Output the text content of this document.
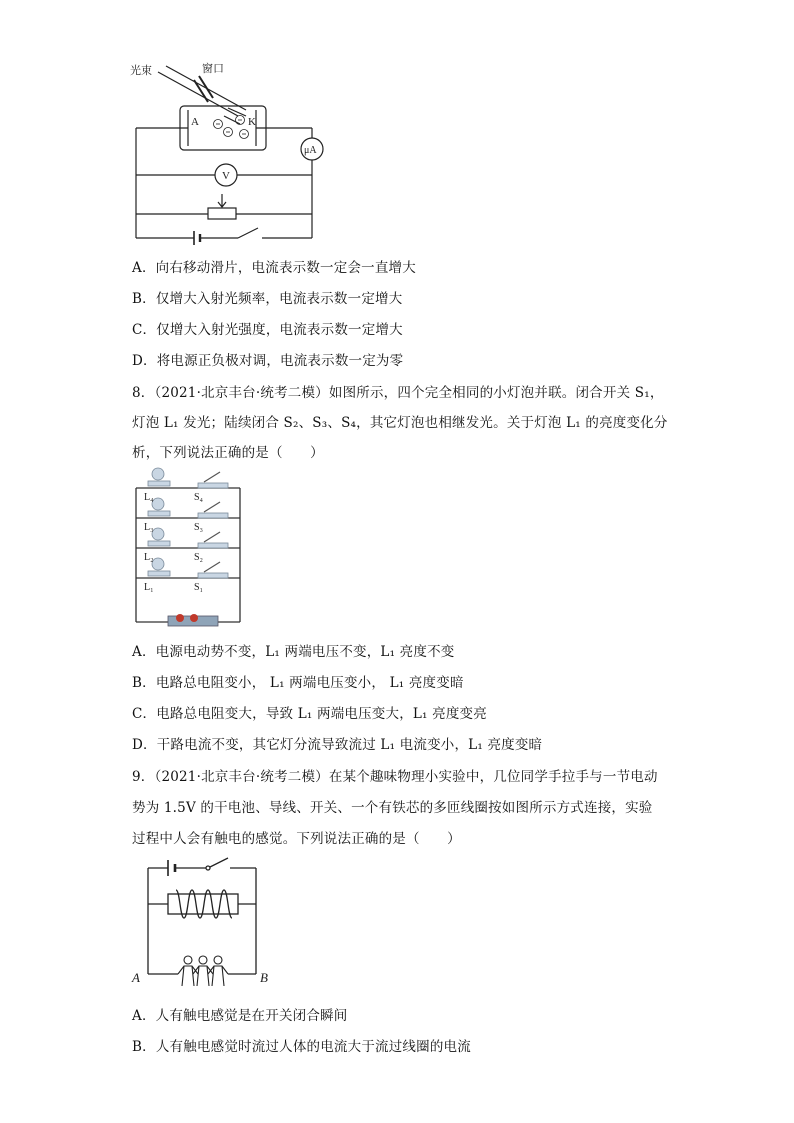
光束	窗口
A	K
μA
V
A．向右移动滑片，电流表示数一定会一直增大
B．仅增大入射光频率，电流表示数一定增大
C．仅增大入射光强度，电流表示数一定增大
D．将电源正负极对调，电流表示数一定为零
8．（2021·北京丰台·统考二模）如图所示，四个完全相同的小灯泡并联。闭合开关 S₁，
灯泡 L₁ 发光；陆续闭合 S₂、S₃、S₄，其它灯泡也相继发光。关于灯泡 L₁ 的亮度变化分
析，下列说法正确的是（　　）
L₄
L₃
L₂
L₁
S₄
S₃
S₂
S₁
A．电源电动势不变，L₁ 两端电压不变，L₁ 亮度不变
B．电路总电阻变小， L₁ 两端电压变小， L₁ 亮度变暗
C．电路总电阻变大，导致 L₁ 两端电压变大，L₁ 亮度变亮
D．干路电流不变，其它灯分流导致流过 L₁ 电流变小，L₁ 亮度变暗
9．（2021·北京丰台·统考二模）在某个趣味物理小实验中，几位同学手拉手与一节电动
势为 1.5V 的干电池、导线、开关、一个有铁芯的多匝线圈按如图所示方式连接，实验
过程中人会有触电的感觉。下列说法正确的是（　　）
A	B
A．人有触电感觉是在开关闭合瞬间
B．人有触电感觉时流过人体的电流大于流过线圈的电流
